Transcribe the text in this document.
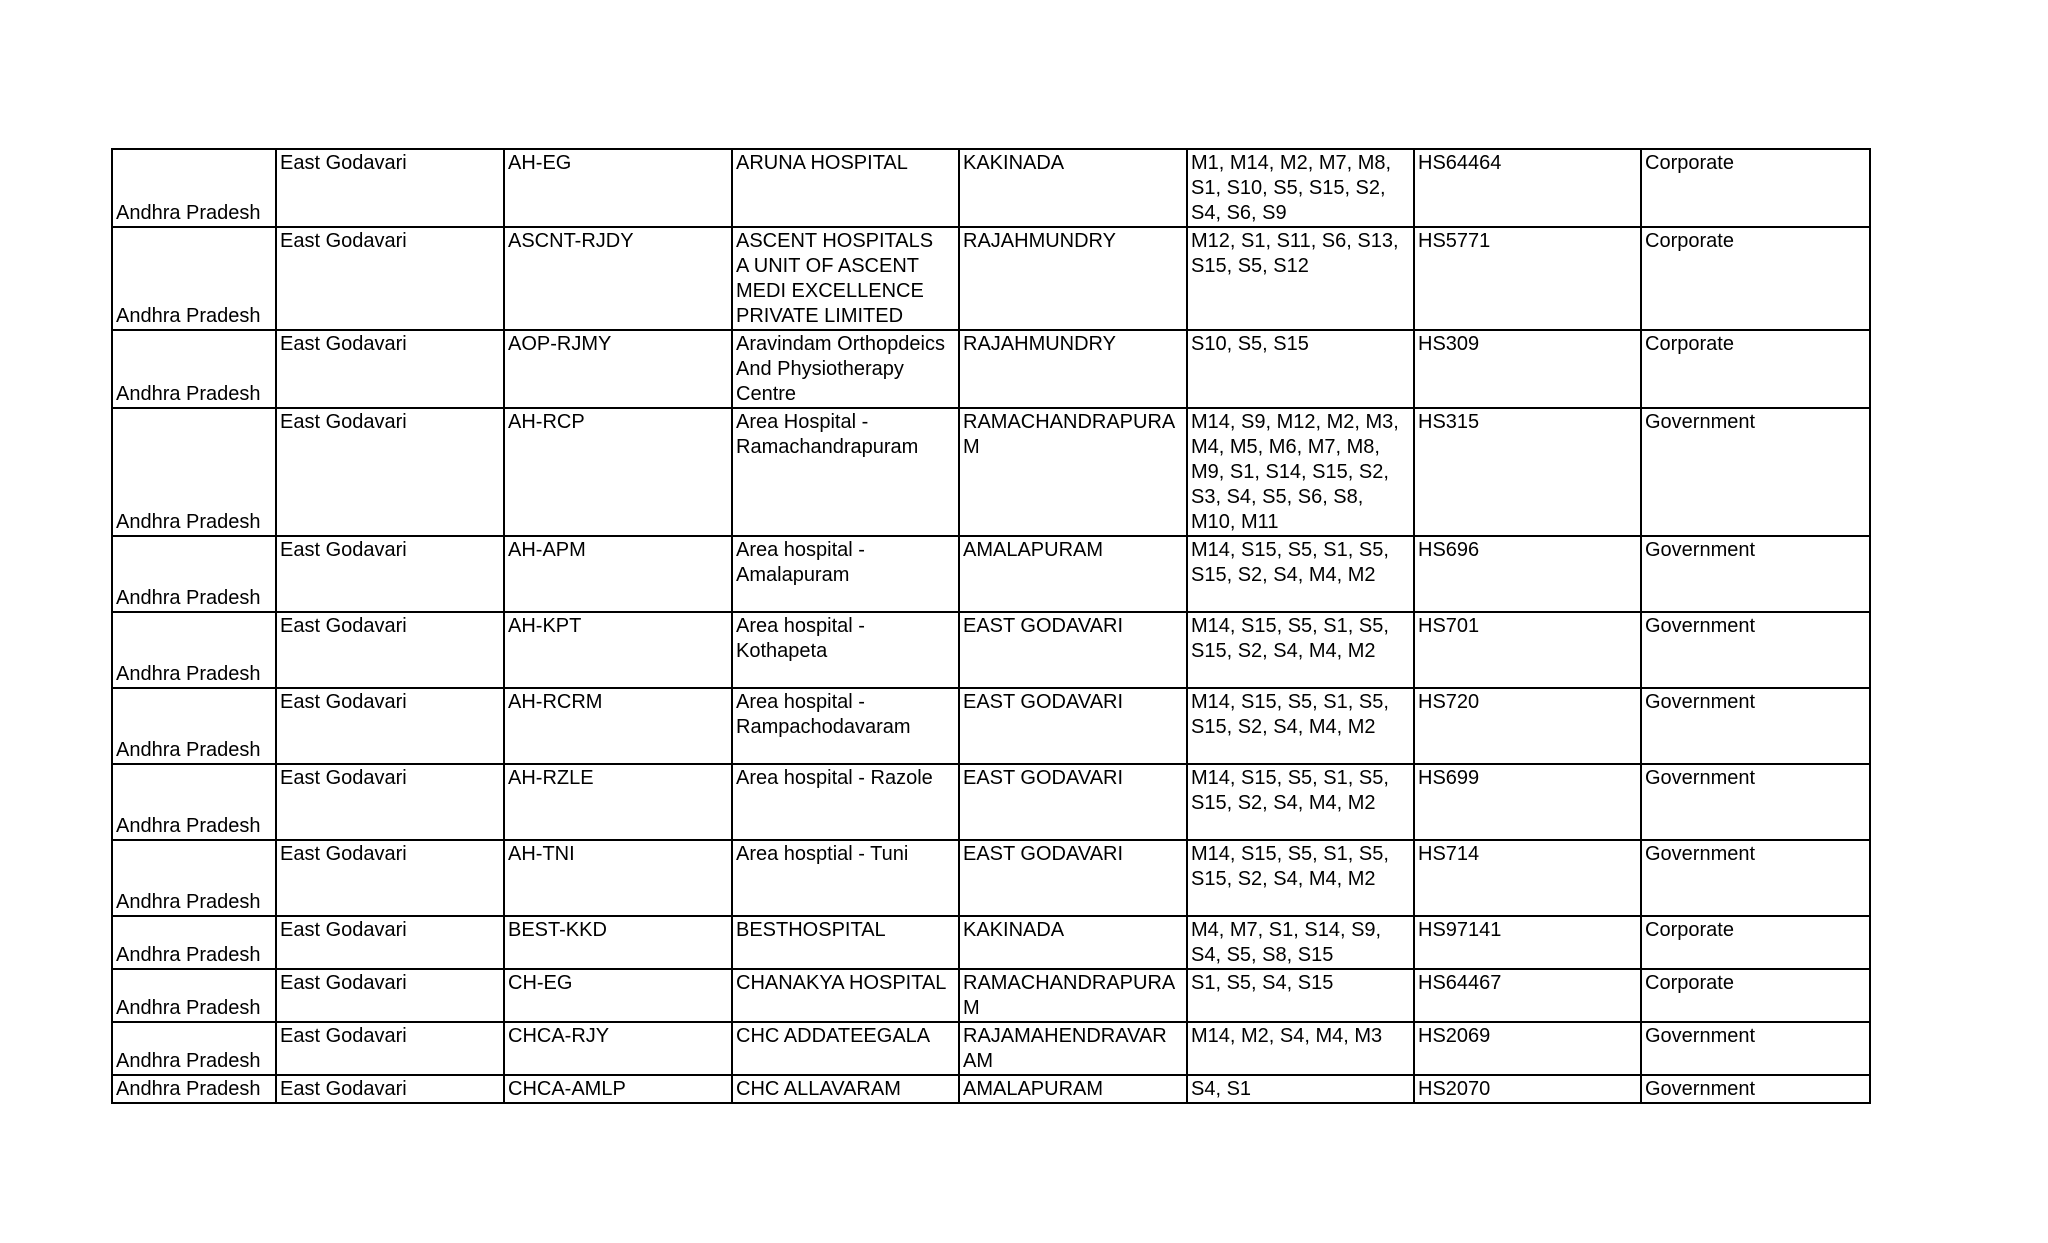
Andhra Pradesh	East Godavari	AH-EG	ARUNA HOSPITAL	KAKINADA	M1, M14, M2, M7, M8,
S1, S10, S5, S15, S2,
S4, S6, S9	HS64464	Corporate
Andhra Pradesh	East Godavari	ASCNT-RJDY	ASCENT HOSPITALS
A UNIT OF ASCENT
MEDI EXCELLENCE
PRIVATE LIMITED	RAJAHMUNDRY	M12, S1, S11, S6, S13,
S15, S5, S12	HS5771	Corporate
Andhra Pradesh	East Godavari	AOP-RJMY	Aravindam Orthopdeics
And Physiotherapy
Centre	RAJAHMUNDRY	S10, S5, S15	HS309	Corporate
Andhra Pradesh	East Godavari	AH-RCP	Area Hospital -
Ramachandrapuram	RAMACHANDRAPURA
M	M14, S9, M12, M2, M3,
M4, M5, M6, M7, M8,
M9, S1, S14, S15, S2,
S3, S4, S5, S6, S8,
M10, M11	HS315	Government
Andhra Pradesh	East Godavari	AH-APM	Area hospital -
Amalapuram	AMALAPURAM	M14, S15, S5, S1, S5,
S15, S2, S4, M4, M2	HS696	Government
Andhra Pradesh	East Godavari	AH-KPT	Area hospital -
Kothapeta	EAST GODAVARI	M14, S15, S5, S1, S5,
S15, S2, S4, M4, M2	HS701	Government
Andhra Pradesh	East Godavari	AH-RCRM	Area hospital -
Rampachodavaram	EAST GODAVARI	M14, S15, S5, S1, S5,
S15, S2, S4, M4, M2	HS720	Government
Andhra Pradesh	East Godavari	AH-RZLE	Area hospital - Razole	EAST GODAVARI	M14, S15, S5, S1, S5,
S15, S2, S4, M4, M2	HS699	Government
Andhra Pradesh	East Godavari	AH-TNI	Area hosptial - Tuni	EAST GODAVARI	M14, S15, S5, S1, S5,
S15, S2, S4, M4, M2	HS714	Government
Andhra Pradesh	East Godavari	BEST-KKD	BESTHOSPITAL	KAKINADA	M4, M7, S1, S14, S9,
S4, S5, S8, S15	HS97141	Corporate
Andhra Pradesh	East Godavari	CH-EG	CHANAKYA HOSPITAL	RAMACHANDRAPURA
M	S1, S5, S4, S15	HS64467	Corporate
Andhra Pradesh	East Godavari	CHCA-RJY	CHC ADDATEEGALA	RAJAMAHENDRAVAR
AM	M14, M2, S4, M4, M3	HS2069	Government
Andhra Pradesh	East Godavari	CHCA-AMLP	CHC ALLAVARAM	AMALAPURAM	S4, S1	HS2070	Government
